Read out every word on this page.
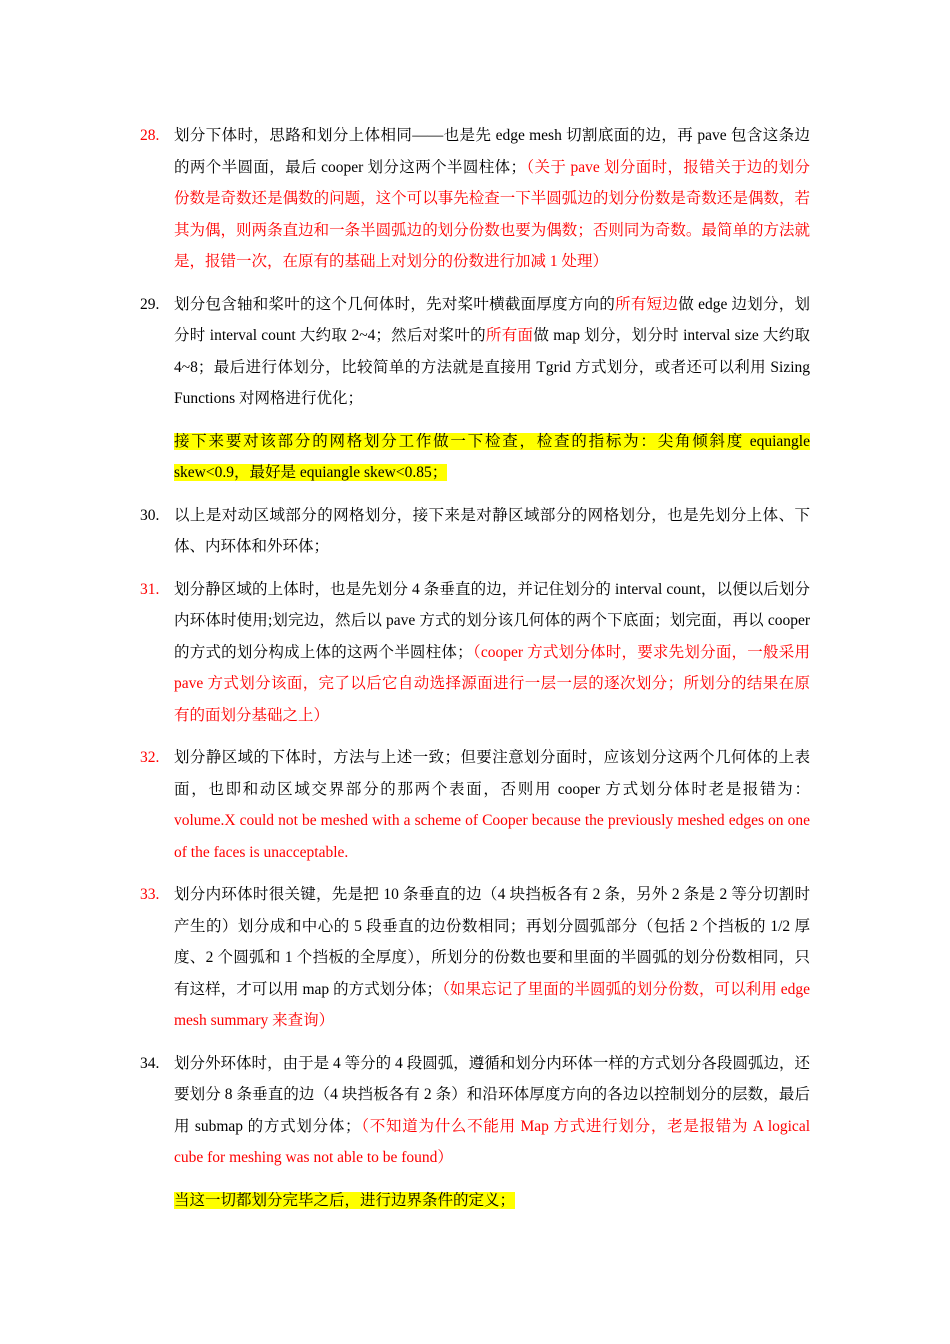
28. 划分下体时，思路和划分上体相同——也是先 edge mesh 切割底面的边，再 pave 包含这条边的两个半圆面，最后 cooper 划分这两个半圆柱体；（关于 pave 划分面时，报错关于边的划分份数是奇数还是偶数的问题，这个可以事先检查一下半圆弧边的划分份数是奇数还是偶数，若其为偶，则两条直边和一条半圆弧边的划分份数也要为偶数；否则同为奇数。最简单的方法就是，报错一次，在原有的基础上对划分的份数进行加减 1 处理）
29. 划分包含轴和桨叶的这个几何体时，先对桨叶横截面厚度方向的所有短边做 edge 边划分，划分时 interval count 大约取 2~4；然后对桨叶的所有面做 map 划分，划分时 interval size 大约取 4~8；最后进行体划分，比较简单的方法就是直接用 Tgrid 方式划分，或者还可以利用 Sizing Functions 对网格进行优化；
接下来要对该部分的网格划分工作做一下检查，检查的指标为：尖角倾斜度 equiangle skew<0.9，最好是 equiangle skew<0.85；
30. 以上是对动区域部分的网格划分，接下来是对静区域部分的网格划分，也是先划分上体、下体、内环体和外环体；
31. 划分静区域的上体时，也是先划分 4 条垂直的边，并记住划分的 interval count，以便以后划分内环体时使用;划完边，然后以 pave 方式的划分该几何体的两个下底面；划完面，再以 cooper 的方式的划分构成上体的这两个半圆柱体；（cooper 方式划分体时，要求先划分面，一般采用 pave 方式划分该面，完了以后它自动选择源面进行一层一层的逐次划分；所划分的结果在原有的面划分基础之上）
32. 划分静区域的下体时，方法与上述一致；但要注意划分面时，应该划分这两个几何体的上表面，也即和动区域交界部分的那两个表面，否则用 cooper 方式划分体时老是报错为：volume.X could not be meshed with a scheme of Cooper because the previously meshed edges on one of the faces is unacceptable.
33. 划分内环体时很关键，先是把 10 条垂直的边（4 块挡板各有 2 条，另外 2 条是 2 等分切割时产生的）划分成和中心的 5 段垂直的边份数相同；再划分圆弧部分（包括 2 个挡板的 1/2 厚度、2 个圆弧和 1 个挡板的全厚度），所划分的份数也要和里面的半圆弧的划分份数相同，只有这样，才可以用 map 的方式划分体；（如果忘记了里面的半圆弧的划分份数，可以利用 edge mesh summary 来查询）
34. 划分外环体时，由于是 4 等分的 4 段圆弧，遵循和划分内环体一样的方式划分各段圆弧边，还要划分 8 条垂直的边（4 块挡板各有 2 条）和沿环体厚度方向的各边以控制划分的层数，最后用 submap 的方式划分体；（不知道为什么不能用 Map 方式进行划分，老是报错为 A logical cube for meshing was not able to be found）
当这一切都划分完毕之后，进行边界条件的定义；
